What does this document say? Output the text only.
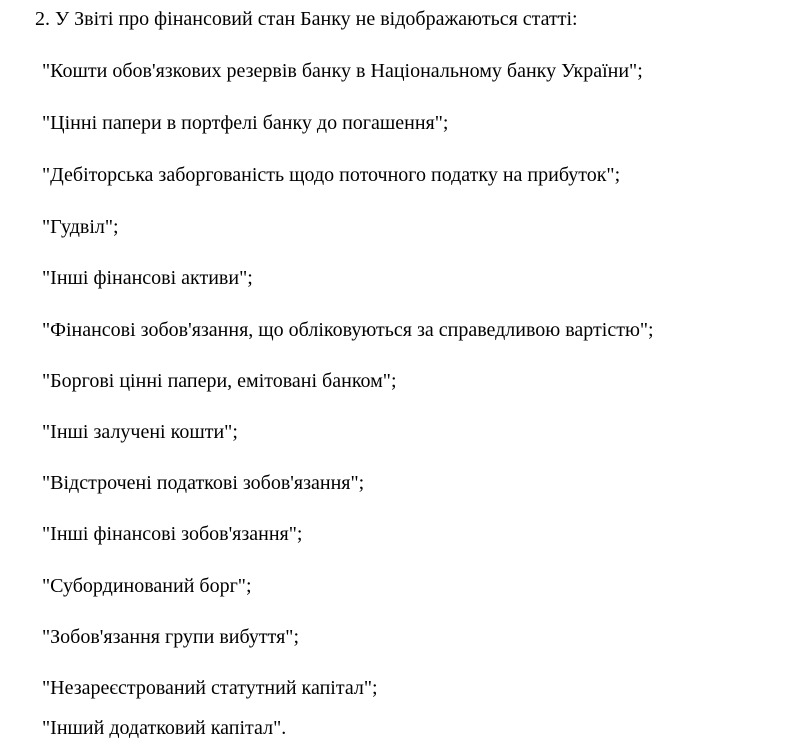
2. У Звіті про фінансовий стан Банку не відображаються статті:
"Кошти обов'язкових резервів банку в Національному банку України";
"Цінні папери в портфелі банку до погашення";
"Дебіторська заборгованість щодо поточного податку на прибуток";
"Гудвіл";
"Інші фінансові активи";
"Фінансові зобов'язання, що обліковуються за справедливою вартістю";
"Боргові цінні папери, емітовані банком";
"Інші залучені кошти";
"Відстрочені податкові зобов'язання";
"Інші фінансові зобов'язання";
"Субординований борг";
"Зобов'язання групи вибуття";
"Незареєстрований статутний капітал";
"Інший додатковий капітал".
